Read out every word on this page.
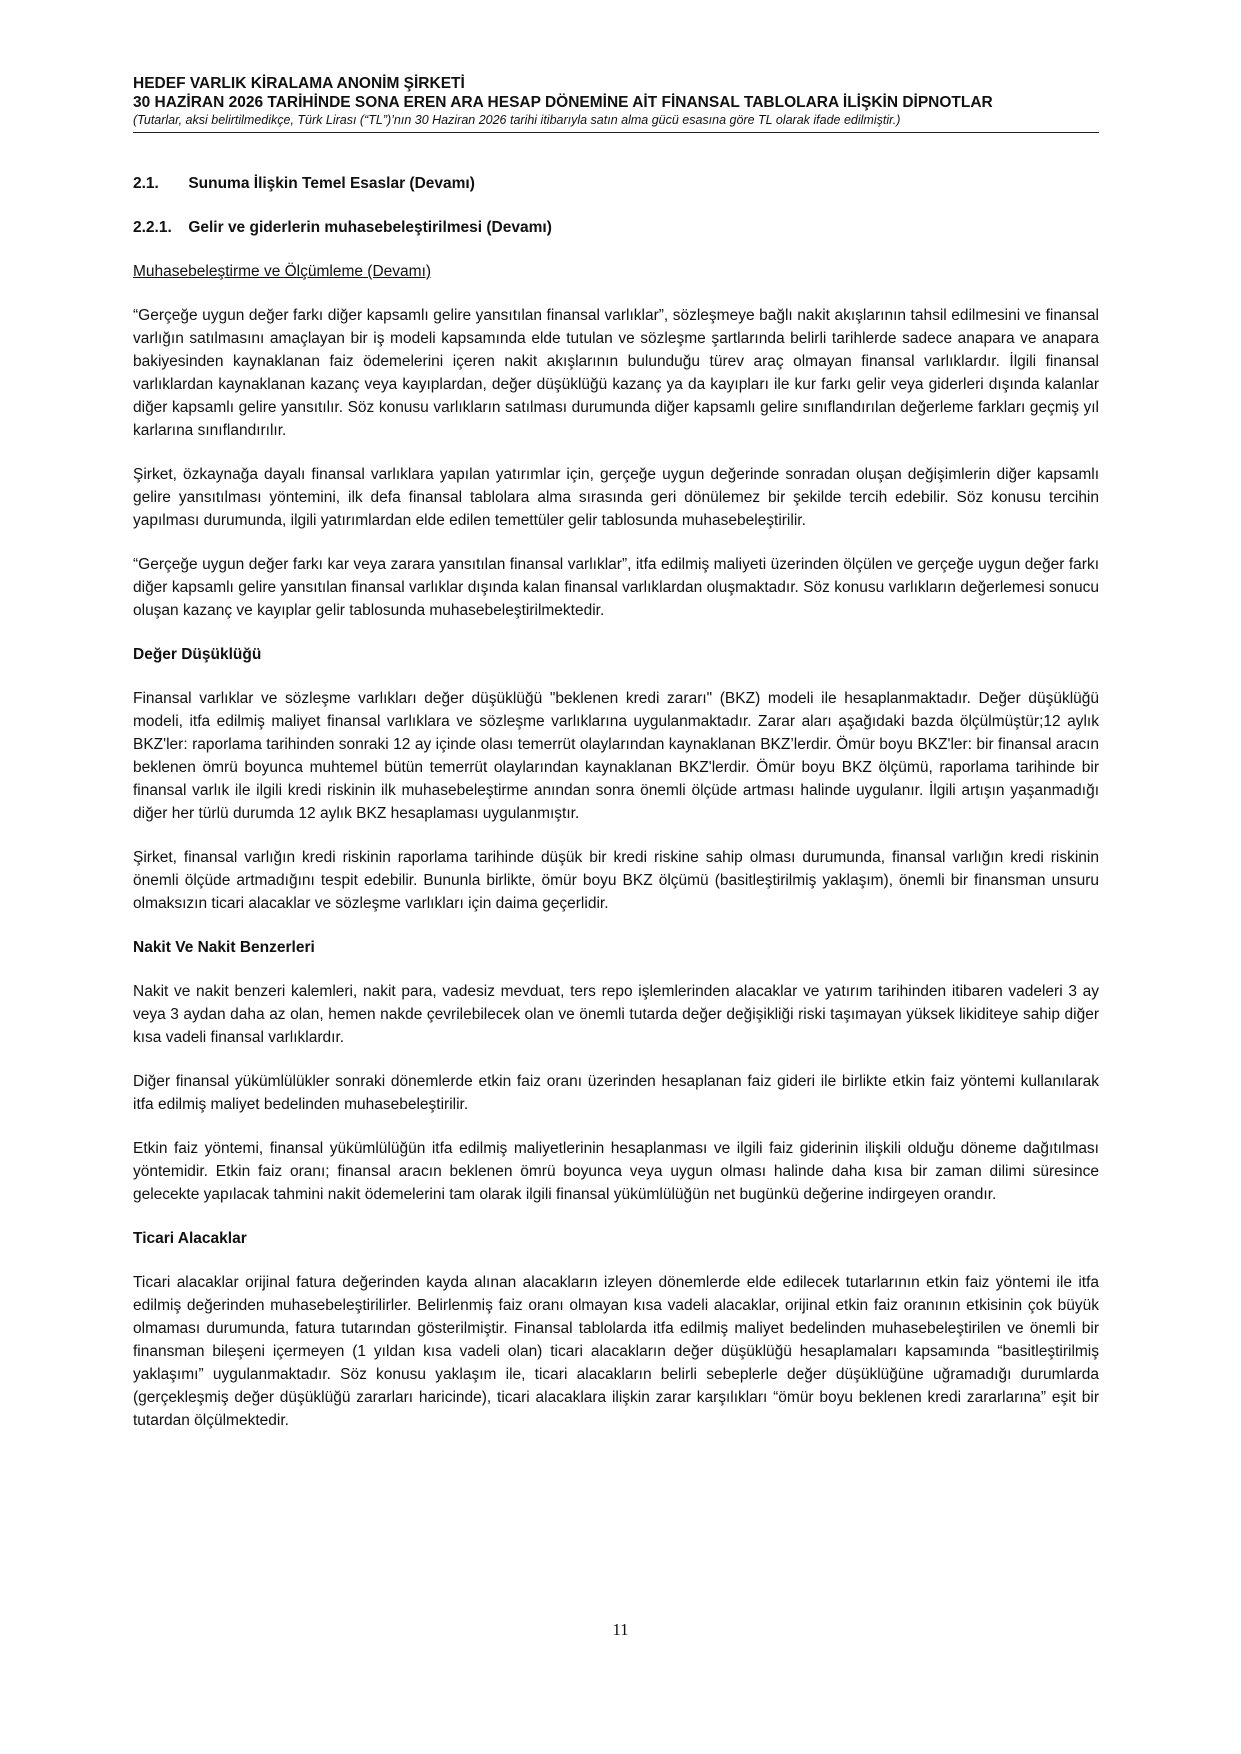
HEDEF VARLIK KİRALAMA ANONİM ŞİRKETİ

30 HAZİRAN 2026 TARİHİNDE SONA EREN ARA HESAP DÖNEMİNE AİT FİNANSAL TABLOLARA İLİŞKİN DİPNOTLAR

(Tutarlar, aksi belirtilmedikçe, Türk Lirası (“TL”)’nın 30 Haziran 2026 tarihi itibarıyla satın alma gücü esasına göre TL olarak ifade edilmiştir.)

2.1. Sunuma İlişkin Temel Esaslar (Devamı)

2.2.1. Gelir ve giderlerin muhasebeleştirilmesi (Devamı)

Muhasebeleştirme ve Ölçümleme (Devamı)

“Gerçeğe uygun değer farkı diğer kapsamlı gelire yansıtılan finansal varlıklar”, sözleşmeye bağlı nakit akışlarının tahsil edilmesini ve finansal varlığın satılmasını amaçlayan bir iş modeli kapsamında elde tutulan ve sözleşme şartlarında belirli tarihlerde sadece anapara ve anapara bakiyesinden kaynaklanan faiz ödemelerini içeren nakit akışlarının bulunduğu türev araç olmayan finansal varlıklardır. İlgili finansal varlıklardan kaynaklanan kazanç veya kayıplardan, değer düşüklüğü kazanç ya da kayıpları ile kur farkı gelir veya giderleri dışında kalanlar diğer kapsamlı gelire yansıtılır. Söz konusu varlıkların satılması durumunda diğer kapsamlı gelire sınıflandırılan değerleme farkları geçmiş yıl karlarına sınıflandırılır.

Şirket, özkaynağa dayalı finansal varlıklara yapılan yatırımlar için, gerçeğe uygun değerinde sonradan oluşan değişimlerin diğer kapsamlı gelire yansıtılması yöntemini, ilk defa finansal tablolara alma sırasında geri dönülemez bir şekilde tercih edebilir. Söz konusu tercihin yapılması durumunda, ilgili yatırımlardan elde edilen temettüler gelir tablosunda muhasebeleştirilir.

“Gerçeğe uygun değer farkı kar veya zarara yansıtılan finansal varlıklar”, itfa edilmiş maliyeti üzerinden ölçülen ve gerçeğe uygun değer farkı diğer kapsamlı gelire yansıtılan finansal varlıklar dışında kalan finansal varlıklardan oluşmaktadır. Söz konusu varlıkların değerlemesi sonucu oluşan kazanç ve kayıplar gelir tablosunda muhasebeleştirilmektedir.

Değer Düşüklüğü

Finansal varlıklar ve sözleşme varlıkları değer düşüklüğü "beklenen kredi zararı" (BKZ) modeli ile hesaplanmaktadır. Değer düşüklüğü modeli, itfa edilmiş maliyet finansal varlıklara ve sözleşme varlıklarına uygulanmaktadır. Zarar aları aşağıdaki bazda ölçülmüştür;12 aylık BKZ'ler: raporlama tarihinden sonraki 12 ay içinde olası temerrüt olaylarından kaynaklanan BKZ’lerdir. Ömür boyu BKZ'ler: bir finansal aracın beklenen ömrü boyunca muhtemel bütün temerrüt olaylarından kaynaklanan BKZ'lerdir. Ömür boyu BKZ ölçümü, raporlama tarihinde bir finansal varlık ile ilgili kredi riskinin ilk muhasebeleştirme anından sonra önemli ölçüde artması halinde uygulanır. İlgili artışın yaşanmadığı diğer her türlü durumda 12 aylık BKZ hesaplaması uygulanmıştır.

Şirket, finansal varlığın kredi riskinin raporlama tarihinde düşük bir kredi riskine sahip olması durumunda, finansal varlığın kredi riskinin önemli ölçüde artmadığını tespit edebilir. Bununla birlikte, ömür boyu BKZ ölçümü (basitleştirilmiş yaklaşım), önemli bir finansman unsuru olmaksızın ticari alacaklar ve sözleşme varlıkları için daima geçerlidir.

Nakit Ve Nakit Benzerleri

Nakit ve nakit benzeri kalemleri, nakit para, vadesiz mevduat, ters repo işlemlerinden alacaklar ve yatırım tarihinden itibaren vadeleri 3 ay veya 3 aydan daha az olan, hemen nakde çevrilebilecek olan ve önemli tutarda değer değişikliği riski taşımayan yüksek likiditeye sahip diğer kısa vadeli finansal varlıklardır.

Diğer finansal yükümlülükler sonraki dönemlerde etkin faiz oranı üzerinden hesaplanan faiz gideri ile birlikte etkin faiz yöntemi kullanılarak itfa edilmiş maliyet bedelinden muhasebeleştirilir.

Etkin faiz yöntemi, finansal yükümlülüğün itfa edilmiş maliyetlerinin hesaplanması ve ilgili faiz giderinin ilişkili olduğu döneme dağıtılması yöntemidir. Etkin faiz oranı; finansal aracın beklenen ömrü boyunca veya uygun olması halinde daha kısa bir zaman dilimi süresince gelecekte yapılacak tahmini nakit ödemelerini tam olarak ilgili finansal yükümlülüğün net bugünkü değerine indirgeyen orandır.

Ticari Alacaklar

Ticari alacaklar orijinal fatura değerinden kayda alınan alacakların izleyen dönemlerde elde edilecek tutarlarının etkin faiz yöntemi ile itfa edilmiş değerinden muhasebeleştirilirler. Belirlenmiş faiz oranı olmayan kısa vadeli alacaklar, orijinal etkin faiz oranının etkisinin çok büyük olmaması durumunda, fatura tutarından gösterilmiştir. Finansal tablolarda itfa edilmiş maliyet bedelinden muhasebeleştirilen ve önemli bir finansman bileşeni içermeyen (1 yıldan kısa vadeli olan) ticari alacakların değer düşüklüğü hesaplamaları kapsamında “basitleştirilmiş yaklaşımı” uygulanmaktadır. Söz konusu yaklaşım ile, ticari alacakların belirli sebeplerle değer düşüklüğüne uğramadığı durumlarda (gerçekleşmiş değer düşüklüğü zararları haricinde), ticari alacaklara ilişkin zarar karşılıkları “ömür boyu beklenen kredi zararlarına” eşit bir tutardan ölçülmektedir.

11
